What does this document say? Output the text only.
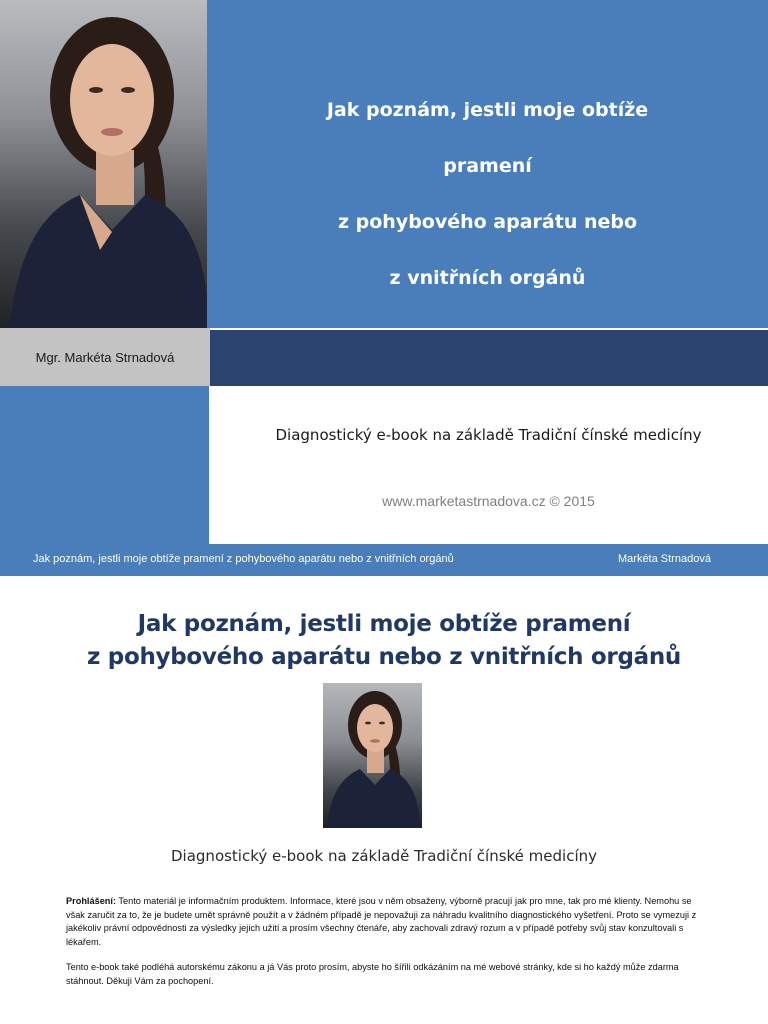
Jak poznám, jestli moje obtíže
pramení
z pohybového aparátu nebo
z vnitřních orgánů
Mgr. Markéta Strnadová
Diagnostický e-book na základě Tradiční čínské medicíny
www.marketastrnadova.cz © 2015
Jak poznám, jestli moje obtíže pramení z pohybového aparátu nebo z vnitřních orgánů	Markéta Strnadová
Jak poznám, jestli moje obtíže pramení
z pohybového aparátu nebo z vnitřních orgánů
Diagnostický e-book na základě Tradiční čínské medicíny
Prohlášení: Tento materiál je informačním produktem. Informace, které jsou v něm obsaženy, výborně pracují jak pro mne, tak pro mé klienty. Nemohu se však zaručit za to, že je budete umět správně použít a v žádném případě je nepovažuji za náhradu kvalitního diagnostického vyšetření. Proto se vymezuji z jakékoliv právní odpovědnosti za výsledky jejich užití a prosím všechny čtenáře, aby zachovali zdravý rozum a v případě potřeby svůj stav konzultovali s lékařem.
Tento e-book také podléhá autorskému zákonu a já Vás proto prosím, abyste ho šířili odkázáním na mé webové stránky, kde si ho každý může zdarma stáhnout. Děkuji Vám za pochopení.
